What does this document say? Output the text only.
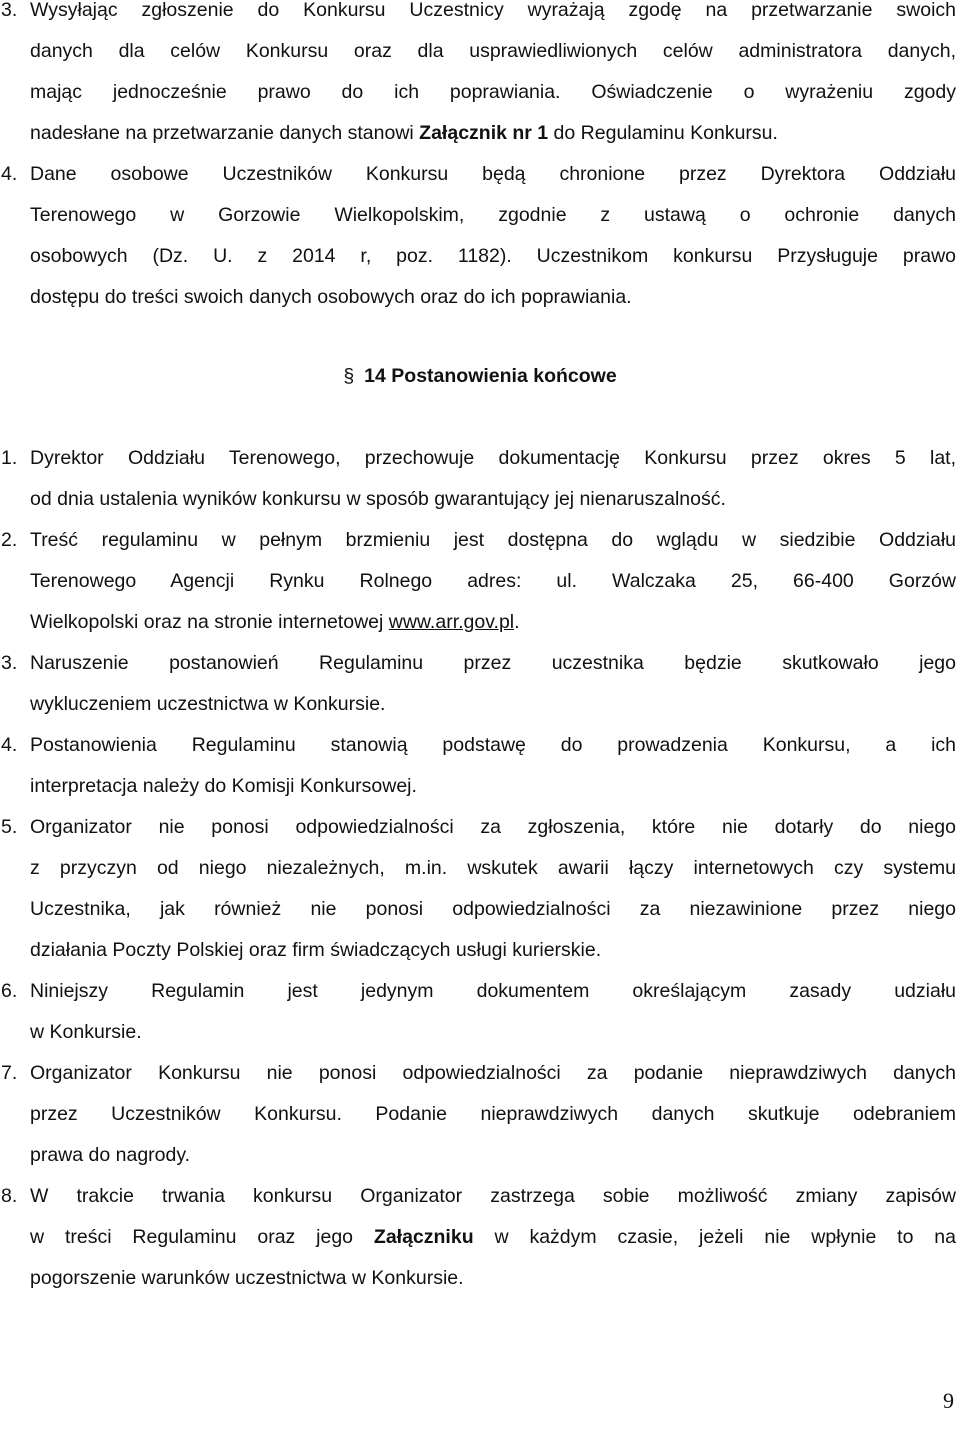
3. Wysyłając zgłoszenie do Konkursu Uczestnicy wyrażają zgodę na przetwarzanie swoich
danych dla celów Konkursu oraz dla usprawiedliwionych celów administratora danych,
mając jednocześnie prawo do ich poprawiania. Oświadczenie o wyrażeniu zgody
nadesłane na przetwarzanie danych stanowi Załącznik nr 1 do Regulaminu Konkursu.
4. Dane osobowe Uczestników Konkursu będą chronione przez Dyrektora Oddziału
Terenowego w Gorzowie Wielkopolskim, zgodnie z ustawą o ochronie danych
osobowych (Dz. U. z 2014 r, poz. 1182). Uczestnikom konkursu Przysługuje prawo
dostępu do treści swoich danych osobowych oraz do ich poprawiania.
§ 14 Postanowienia końcowe
1. Dyrektor Oddziału Terenowego, przechowuje dokumentację Konkursu przez okres 5 lat,
od dnia ustalenia wyników konkursu w sposób gwarantujący jej nienaruszalność.
2. Treść regulaminu w pełnym brzmieniu jest dostępna do wglądu w siedzibie Oddziału
Terenowego Agencji Rynku Rolnego adres: ul. Walczaka 25, 66-400 Gorzów
Wielkopolski oraz na stronie internetowej www.arr.gov.pl.
3. Naruszenie postanowień Regulaminu przez uczestnika będzie skutkowało jego
wykluczeniem uczestnictwa w Konkursie.
4. Postanowienia Regulaminu stanowią podstawę do prowadzenia Konkursu, a ich
interpretacja należy do Komisji Konkursowej.
5. Organizator nie ponosi odpowiedzialności za zgłoszenia, które nie dotarły do niego
z przyczyn od niego niezależnych, m.in. wskutek awarii łączy internetowych czy systemu
Uczestnika, jak również nie ponosi odpowiedzialności za niezawinione przez niego
działania Poczty Polskiej oraz firm świadczących usługi kurierskie.
6. Niniejszy Regulamin jest jedynym dokumentem określającym zasady udziału
w Konkursie.
7. Organizator Konkursu nie ponosi odpowiedzialności za podanie nieprawdziwych danych
przez Uczestników Konkursu. Podanie nieprawdziwych danych skutkuje odebraniem
prawa do nagrody.
8. W trakcie trwania konkursu Organizator zastrzega sobie możliwość zmiany zapisów
w treści Regulaminu oraz jego Załączniku w każdym czasie, jeżeli nie wpłynie to na
pogorszenie warunków uczestnictwa w Konkursie.
9
